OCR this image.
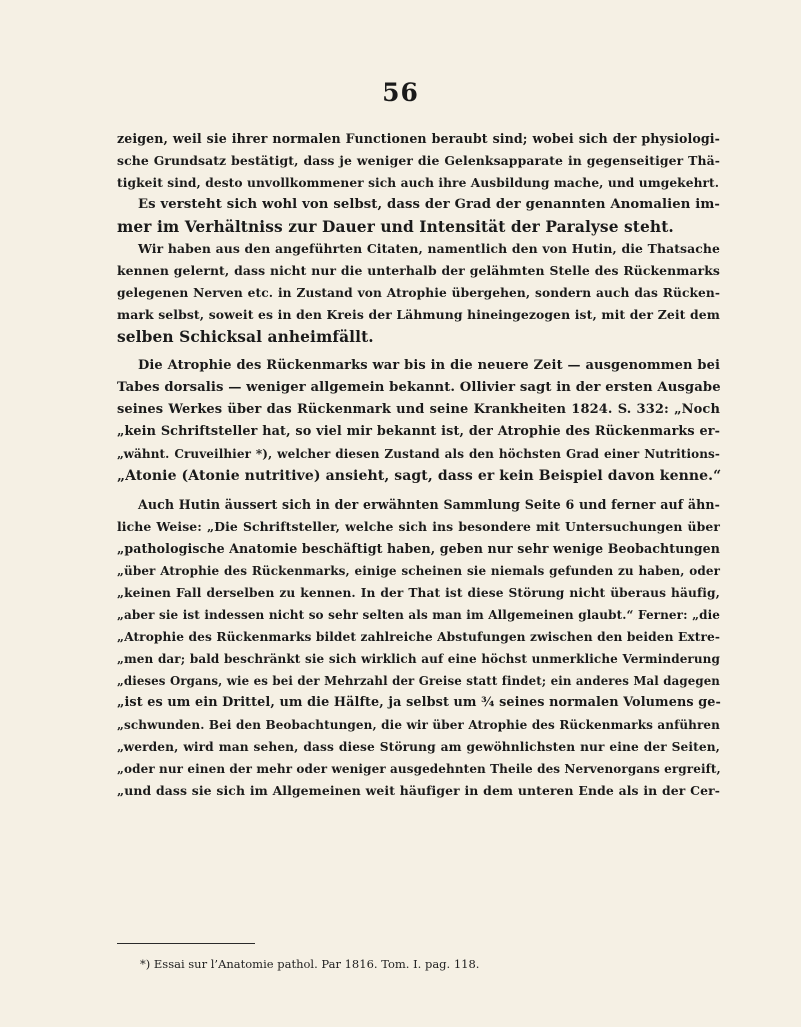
56
zeigen, weil sie ihrer normalen Functionen beraubt sind; wobei sich der physiologi-
sche Grundsatz bestätigt, dass je weniger die Gelenksapparate in gegenseitiger Thä-
tigkeit sind, desto unvollkommener sich auch ihre Ausbildung mache, und umgekehrt.
Es versteht sich wohl von selbst, dass der Grad der genannten Anomalien im-
mer im Verhältniss zur Dauer und Intensität der Paralyse steht.
Wir haben aus den angeführten Citaten, namentlich den von Hutin, die Thatsache
kennen gelernt, dass nicht nur die unterhalb der gelähmten Stelle des Rückenmarks
gelegenen Nerven etc. in Zustand von Atrophie übergehen, sondern auch das Rücken-
mark selbst, soweit es in den Kreis der Lähmung hineingezogen ist, mit der Zeit dem
selben Schicksal anheimfällt.
Die Atrophie des Rückenmarks war bis in die neuere Zeit — ausgenommen bei
Tabes dorsalis — weniger allgemein bekannt. Ollivier sagt in der ersten Ausgabe
seines Werkes über das Rückenmark und seine Krankheiten 1824. S. 332: „Noch
„kein Schriftsteller hat, so viel mir bekannt ist, der Atrophie des Rückenmarks er-
„wähnt. Cruveilhier *), welcher diesen Zustand als den höchsten Grad einer Nutritions-
„Atonie (Atonie nutritive) ansieht, sagt, dass er kein Beispiel davon kenne.“
Auch Hutin äussert sich in der erwähnten Sammlung Seite 6 und ferner auf ähn-
liche Weise: „Die Schriftsteller, welche sich ins besondere mit Untersuchungen über
„pathologische Anatomie beschäftigt haben, geben nur sehr wenige Beobachtungen
„über Atrophie des Rückenmarks, einige scheinen sie niemals gefunden zu haben, oder
„keinen Fall derselben zu kennen. In der That ist diese Störung nicht überaus häufig,
„aber sie ist indessen nicht so sehr selten als man im Allgemeinen glaubt.“ Ferner: „die
„Atrophie des Rückenmarks bildet zahlreiche Abstufungen zwischen den beiden Extre-
„men dar; bald beschränkt sie sich wirklich auf eine höchst unmerkliche Verminderung
„dieses Organs, wie es bei der Mehrzahl der Greise statt findet; ein anderes Mal dagegen
„ist es um ein Drittel, um die Hälfte, ja selbst um ¾ seines normalen Volumens ge-
„schwunden. Bei den Beobachtungen, die wir über Atrophie des Rückenmarks anführen
„werden, wird man sehen, dass diese Störung am gewöhnlichsten nur eine der Seiten,
„oder nur einen der mehr oder weniger ausgedehnten Theile des Nervenorgans ergreift,
„und dass sie sich im Allgemeinen weit häufiger in dem unteren Ende als in der Cer-
*) Essai sur l’Anatomie pathol. Par 1816. Tom. I. pag. 118.
